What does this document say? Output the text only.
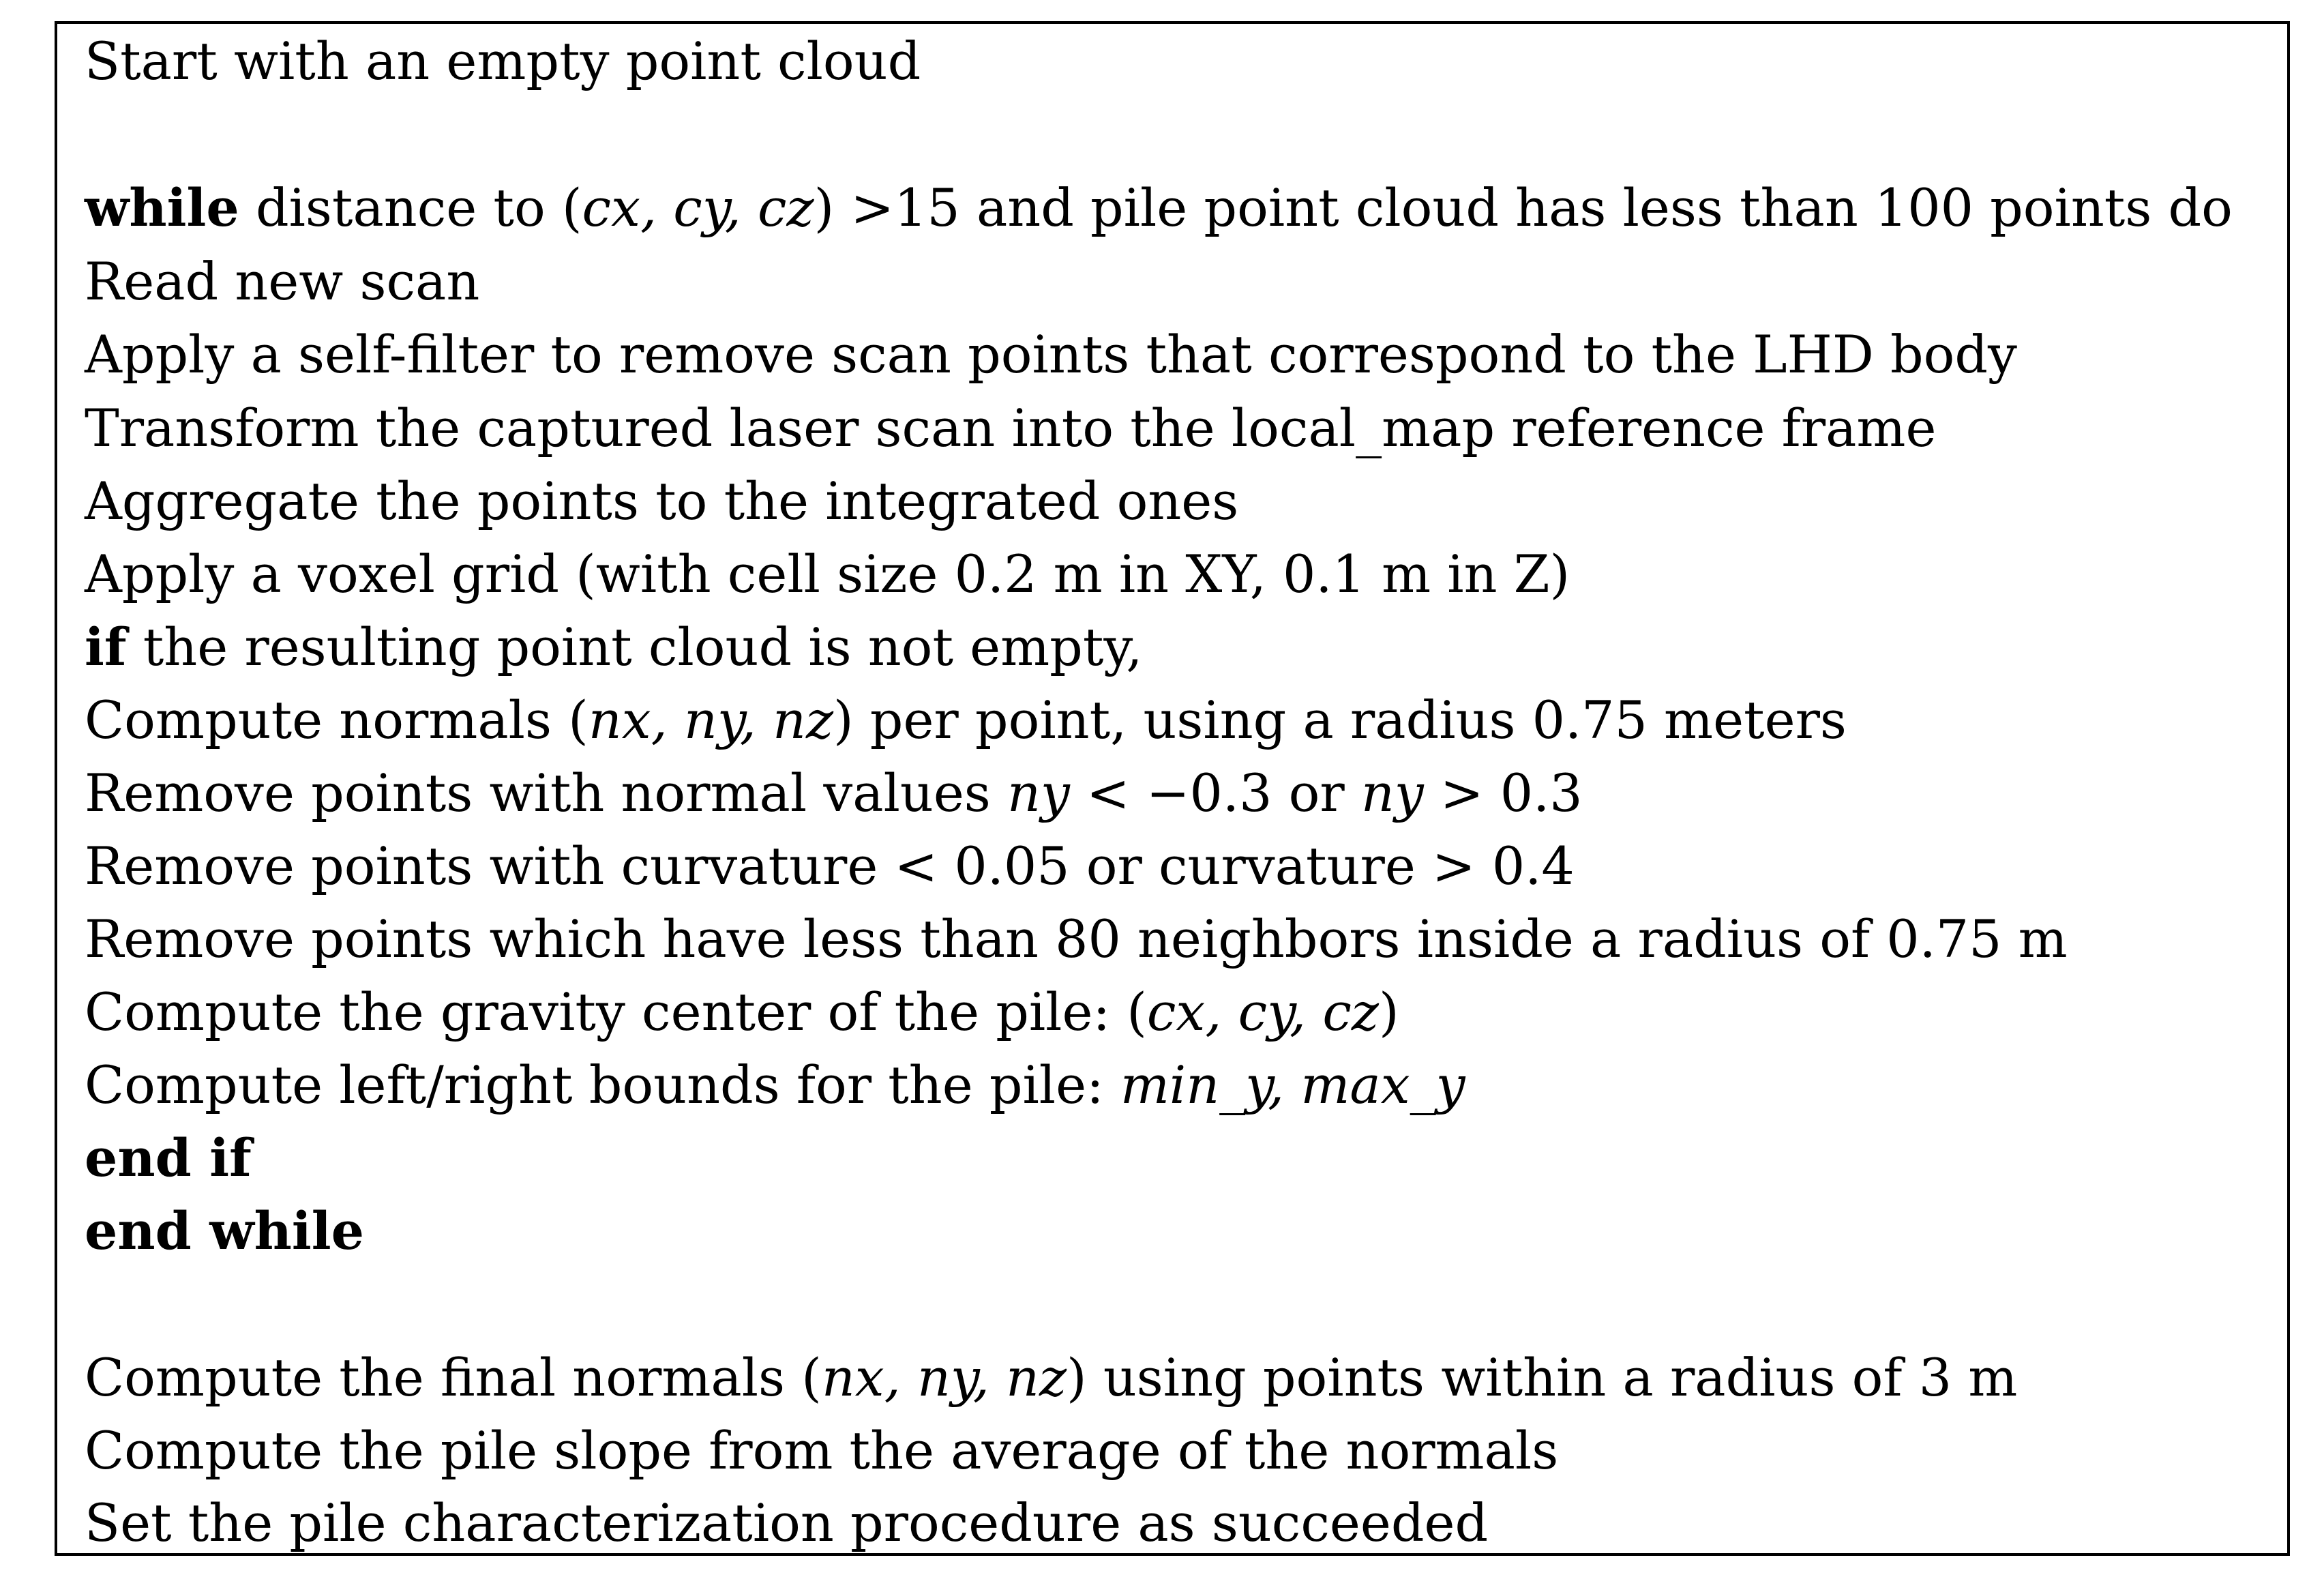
Start with an empty point cloud
while distance to (cx, cy, cz) >15 and pile point cloud has less than 100 points do
Read new scan
Apply a self-filter to remove scan points that correspond to the LHD body
Transform the captured laser scan into the local_map reference frame
Aggregate the points to the integrated ones
Apply a voxel grid (with cell size 0.2 m in XY, 0.1 m in Z)
if the resulting point cloud is not empty,
Compute normals (nx, ny, nz) per point, using a radius 0.75 meters
Remove points with normal values ny < −0.3 or ny > 0.3
Remove points with curvature < 0.05 or curvature > 0.4
Remove points which have less than 80 neighbors inside a radius of 0.75 m
Compute the gravity center of the pile: (cx, cy, cz)
Compute left/right bounds for the pile: min_y, max_y
end if
end while
Compute the final normals (nx, ny, nz) using points within a radius of 3 m
Compute the pile slope from the average of the normals
Set the pile characterization procedure as succeeded
